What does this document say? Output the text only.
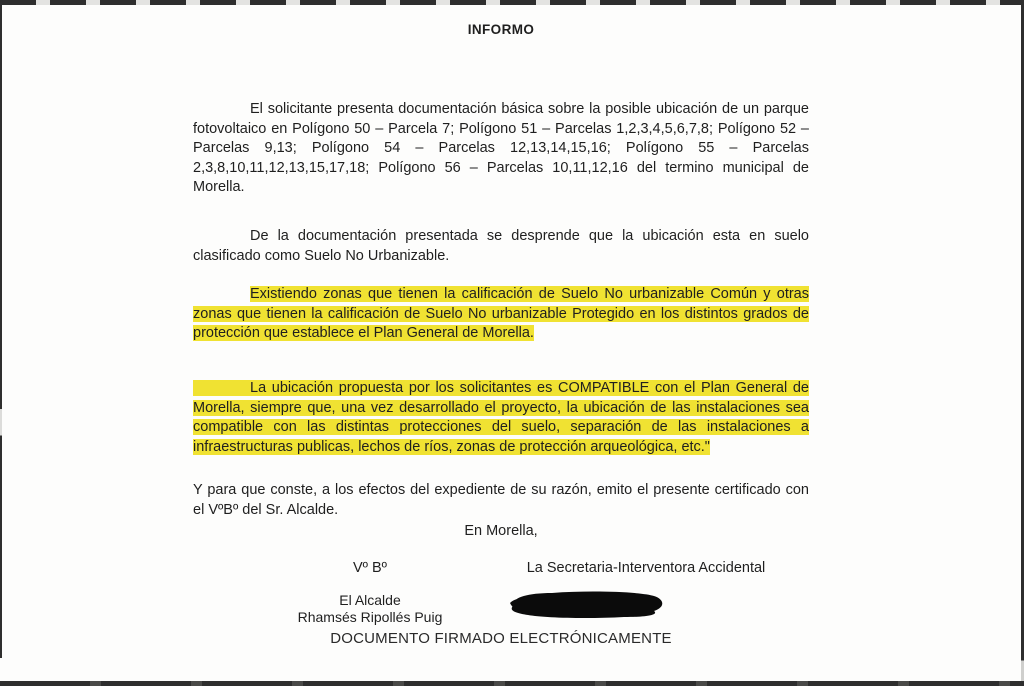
INFORMO

El solicitante presenta documentación básica sobre la posible ubicación de un parque fotovoltaico en Polígono 50 – Parcela 7; Polígono 51 – Parcelas 1,2,3,4,5,6,7,8; Polígono 52 – Parcelas 9,13; Polígono 54 – Parcelas 12,13,14,15,16; Polígono 55 – Parcelas 2,3,8,10,11,12,13,15,17,18; Polígono 56 – Parcelas 10,11,12,16 del termino municipal de Morella.

De la documentación presentada se desprende que la ubicación esta en suelo clasificado como Suelo No Urbanizable.

Existiendo zonas que tienen la calificación de Suelo No urbanizable Común y otras zonas que tienen la calificación de Suelo No urbanizable Protegido en los distintos grados de protección que establece el Plan General de Morella.

La ubicación propuesta por los solicitantes es COMPATIBLE con el Plan General de Morella, siempre que, una vez desarrollado el proyecto, la ubicación de las instalaciones sea compatible con las distintas protecciones del suelo, separación de las instalaciones a infraestructuras publicas, lechos de ríos, zonas de protección arqueológica, etc."

Y para que conste, a los efectos del expediente de su razón, emito el presente certificado con el VºBº del Sr. Alcalde.

En Morella,
Vº Bº	La Secretaria-Interventora Accidental
El Alcalde
Rhamsés Ripollés Puig
DOCUMENTO FIRMADO ELECTRÓNICAMENTE
